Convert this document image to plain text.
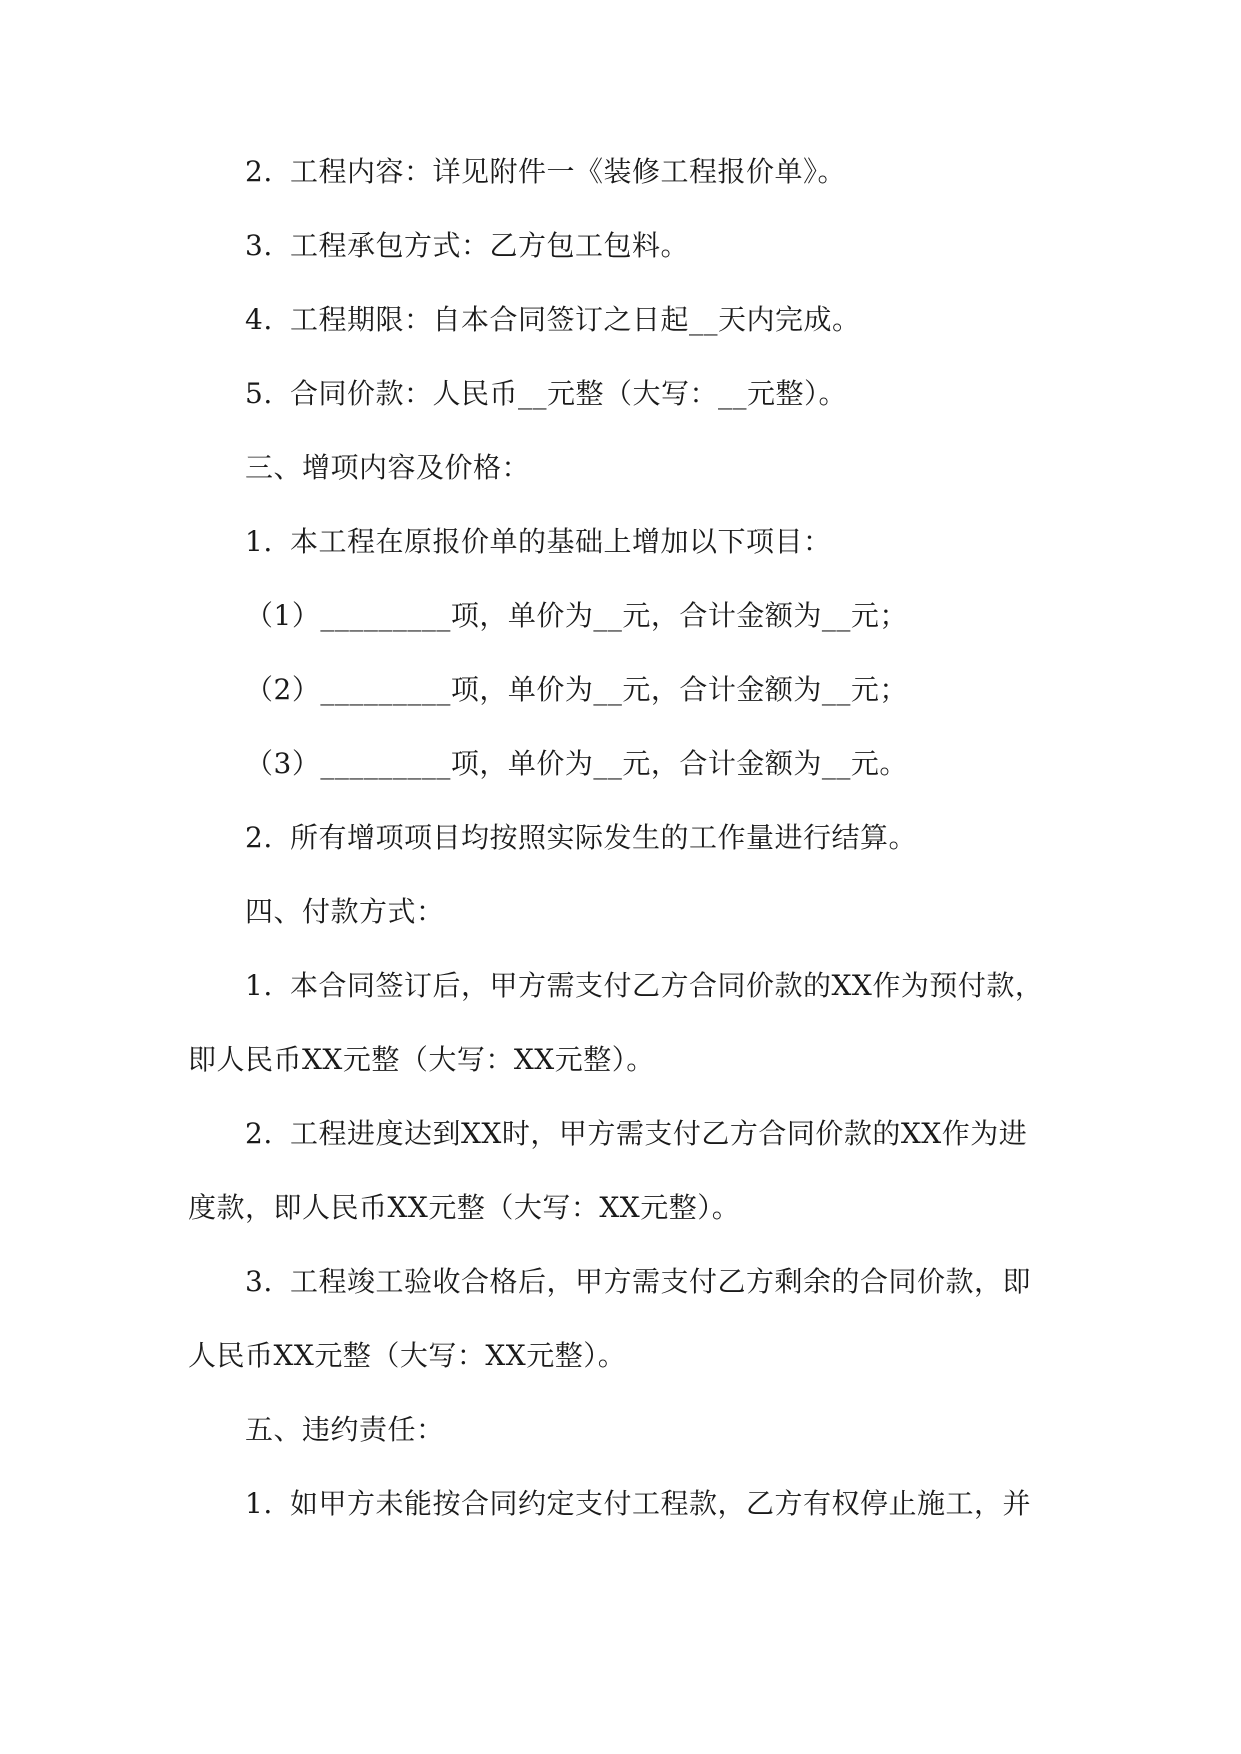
2. 工程内容：详见附件一《装修工程报价单》。
3. 工程承包方式：乙方包工包料。
4. 工程期限：自本合同签订之日起__天内完成。
5. 合同价款：人民币__元整（大写：__元整）。
三、增项内容及价格：
1. 本工程在原报价单的基础上增加以下项目：
（1）_________项，单价为__元，合计金额为__元；
（2）_________项，单价为__元，合计金额为__元；
（3）_________项，单价为__元，合计金额为__元。
2. 所有增项项目均按照实际发生的工作量进行结算。
四、付款方式：
1. 本合同签订后，甲方需支付乙方合同价款的XX作为预付款，
即人民币XX元整（大写：XX元整）。
2. 工程进度达到XX时，甲方需支付乙方合同价款的XX作为进
度款，即人民币XX元整（大写：XX元整）。
3. 工程竣工验收合格后，甲方需支付乙方剩余的合同价款，即
人民币XX元整（大写：XX元整）。
五、违约责任：
1. 如甲方未能按合同约定支付工程款，乙方有权停止施工，并
